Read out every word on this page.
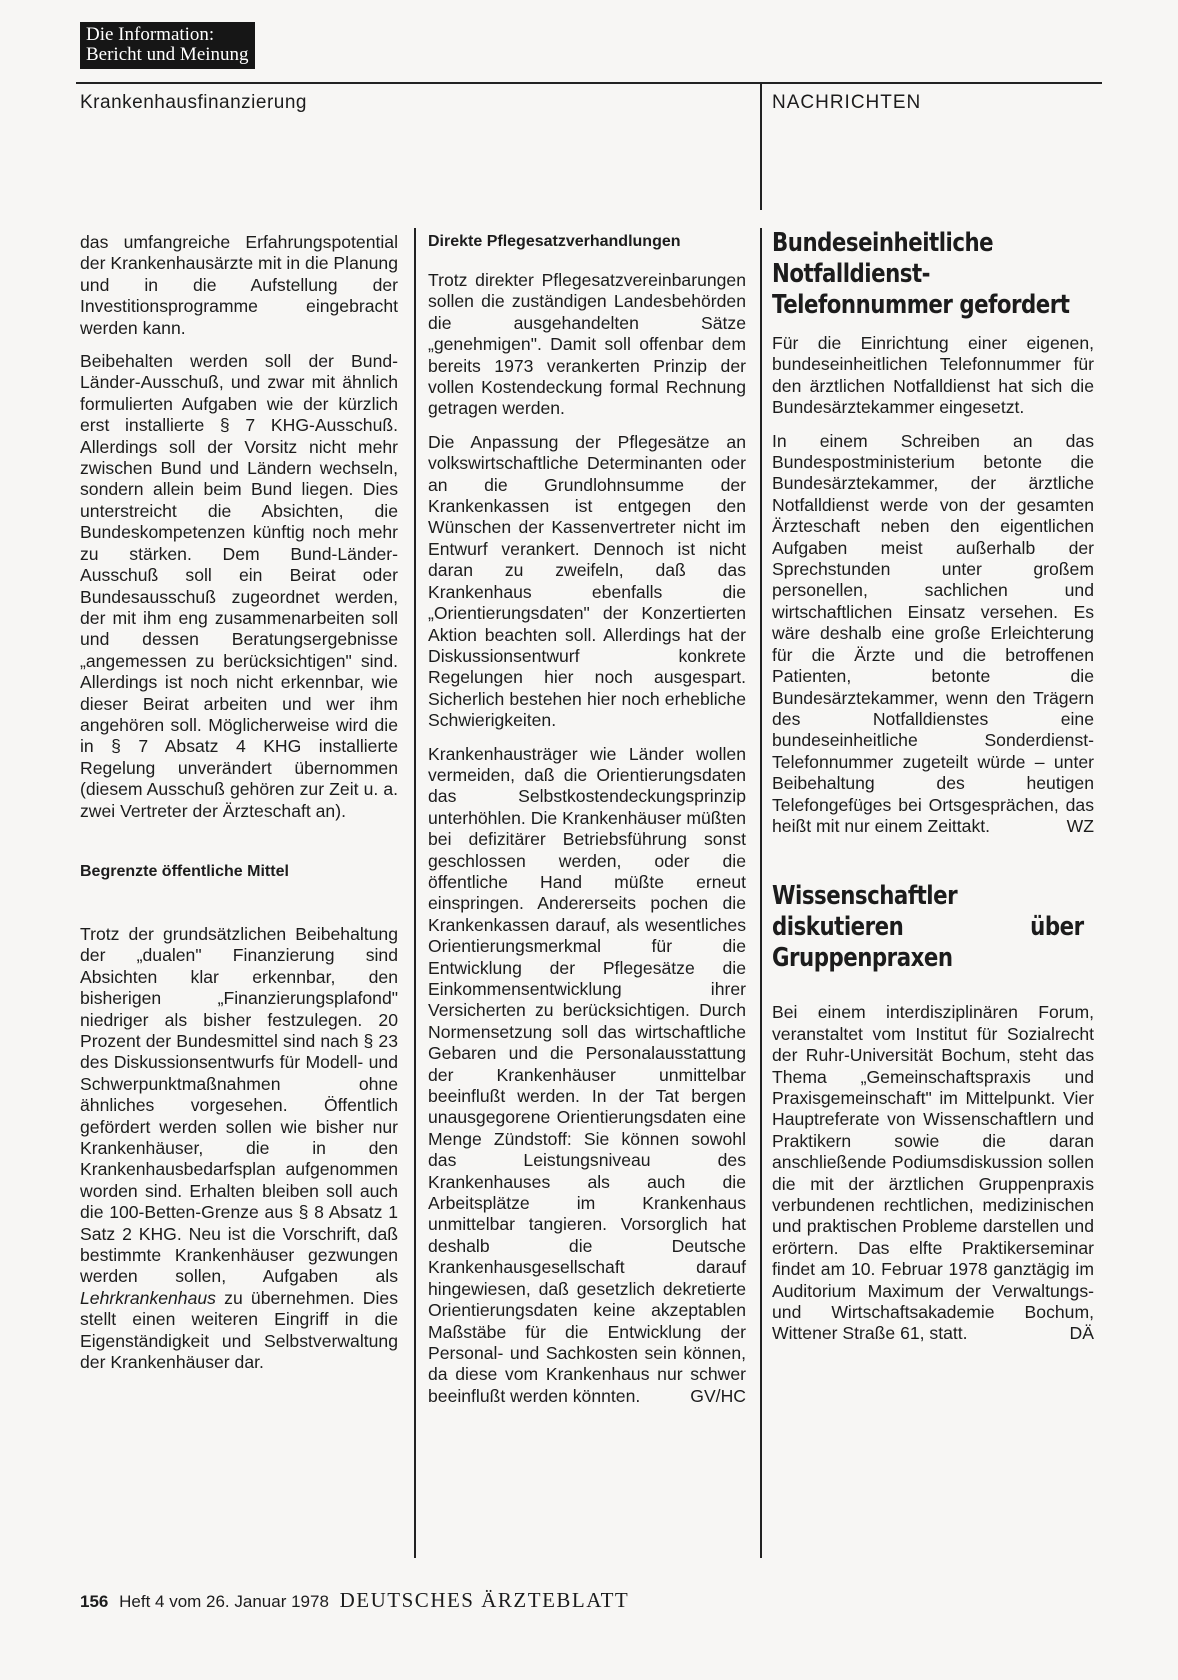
Die Information:
Bericht und Meinung
Krankenhausfinanzierung	NACHRICHTEN

das umfangreiche Erfahrungspotential der Krankenhausärzte mit in die Planung und in die Aufstellung der Investitionsprogramme eingebracht werden kann.

Beibehalten werden soll der Bund-Länder-Ausschuß, und zwar mit ähnlich formulierten Aufgaben wie der kürzlich erst installierte § 7 KHG-Ausschuß. Allerdings soll der Vorsitz nicht mehr zwischen Bund und Ländern wechseln, sondern allein beim Bund liegen. Dies unterstreicht die Absichten, die Bundeskompetenzen künftig noch mehr zu stärken. Dem Bund-Länder-Ausschuß soll ein Beirat oder Bundesausschuß zugeordnet werden, der mit ihm eng zusammenarbeiten soll und dessen Beratungsergebnisse „angemessen zu berücksichtigen" sind. Allerdings ist noch nicht erkennbar, wie dieser Beirat arbeiten und wer ihm angehören soll. Möglicherweise wird die in § 7 Absatz 4 KHG installierte Regelung unverändert übernommen (diesem Ausschuß gehören zur Zeit u. a. zwei Vertreter der Ärzteschaft an).

Begrenzte öffentliche Mittel

Trotz der grundsätzlichen Beibehaltung der „dualen" Finanzierung sind Absichten klar erkennbar, den bisherigen „Finanzierungsplafond" niedriger als bisher festzulegen. 20 Prozent der Bundesmittel sind nach § 23 des Diskussionsentwurfs für Modell- und Schwerpunktmaßnahmen ohne ähnliches vorgesehen. Öffentlich gefördert werden sollen wie bisher nur Krankenhäuser, die in den Krankenhausbedarfsplan aufgenommen worden sind. Erhalten bleiben soll auch die 100-Betten-Grenze aus § 8 Absatz 1 Satz 2 KHG. Neu ist die Vorschrift, daß bestimmte Krankenhäuser gezwungen werden sollen, Aufgaben als Lehrkrankenhaus zu übernehmen. Dies stellt einen weiteren Eingriff in die Eigenständigkeit und Selbstverwaltung der Krankenhäuser dar.

Direkte Pflegesatzverhandlungen

Trotz direkter Pflegesatzvereinbarungen sollen die zuständigen Landesbehörden die ausgehandelten Sätze „genehmigen". Damit soll offenbar dem bereits 1973 verankerten Prinzip der vollen Kostendeckung formal Rechnung getragen werden.

Die Anpassung der Pflegesätze an volkswirtschaftliche Determinanten oder an die Grundlohnsumme der Krankenkassen ist entgegen den Wünschen der Kassenvertreter nicht im Entwurf verankert. Dennoch ist nicht daran zu zweifeln, daß das Krankenhaus ebenfalls die „Orientierungsdaten" der Konzertierten Aktion beachten soll. Allerdings hat der Diskussionsentwurf konkrete Regelungen hier noch ausgespart. Sicherlich bestehen hier noch erhebliche Schwierigkeiten.

Krankenhausträger wie Länder wollen vermeiden, daß die Orientierungsdaten das Selbstkostendeckungsprinzip unterhöhlen. Die Krankenhäuser müßten bei defizitärer Betriebsführung sonst geschlossen werden, oder die öffentliche Hand müßte erneut einspringen. Andererseits pochen die Krankenkassen darauf, als wesentliches Orientierungsmerkmal für die Entwicklung der Pflegesätze die Einkommensentwicklung ihrer Versicherten zu berücksichtigen. Durch Normensetzung soll das wirtschaftliche Gebaren und die Personalausstattung der Krankenhäuser unmittelbar beeinflußt werden. In der Tat bergen unausgegorene Orientierungsdaten eine Menge Zündstoff: Sie können sowohl das Leistungsniveau des Krankenhauses als auch die Arbeitsplätze im Krankenhaus unmittelbar tangieren. Vorsorglich hat deshalb die Deutsche Krankenhausgesellschaft darauf hingewiesen, daß gesetzlich dekretierte Orientierungsdaten keine akzeptablen Maßstäbe für die Entwicklung der Personal- und Sachkosten sein können, da diese vom Krankenhaus nur schwer beeinflußt werden könnten.	GV/HC

Bundeseinheitliche Notfalldienst-Telefonnummer gefordert

Für die Einrichtung einer eigenen, bundeseinheitlichen Telefonnummer für den ärztlichen Notfalldienst hat sich die Bundesärztekammer eingesetzt.

In einem Schreiben an das Bundespostministerium betonte die Bundesärztekammer, der ärztliche Notfalldienst werde von der gesamten Ärzteschaft neben den eigentlichen Aufgaben meist außerhalb der Sprechstunden unter großem personellen, sachlichen und wirtschaftlichen Einsatz versehen. Es wäre deshalb eine große Erleichterung für die Ärzte und die betroffenen Patienten, betonte die Bundesärztekammer, wenn den Trägern des Notfalldienstes eine bundeseinheitliche Sonderdienst-Telefonnummer zugeteilt würde – unter Beibehaltung des heutigen Telefongefüges bei Ortsgesprächen, das heißt mit nur einem Zeittakt.	WZ

Wissenschaftler diskutieren über Gruppenpraxen

Bei einem interdisziplinären Forum, veranstaltet vom Institut für Sozialrecht der Ruhr-Universität Bochum, steht das Thema „Gemeinschaftspraxis und Praxisgemeinschaft" im Mittelpunkt. Vier Hauptreferate von Wissenschaftlern und Praktikern sowie die daran anschließende Podiumsdiskussion sollen die mit der ärztlichen Gruppenpraxis verbundenen rechtlichen, medizinischen und praktischen Probleme darstellen und erörtern. Das elfte Praktikerseminar findet am 10. Februar 1978 ganztägig im Auditorium Maximum der Verwaltungs- und Wirtschaftsakademie Bochum, Wittener Straße 61, statt.	DÄ

156 Heft 4 vom 26. Januar 1978 DEUTSCHES ÄRZTEBLATT
